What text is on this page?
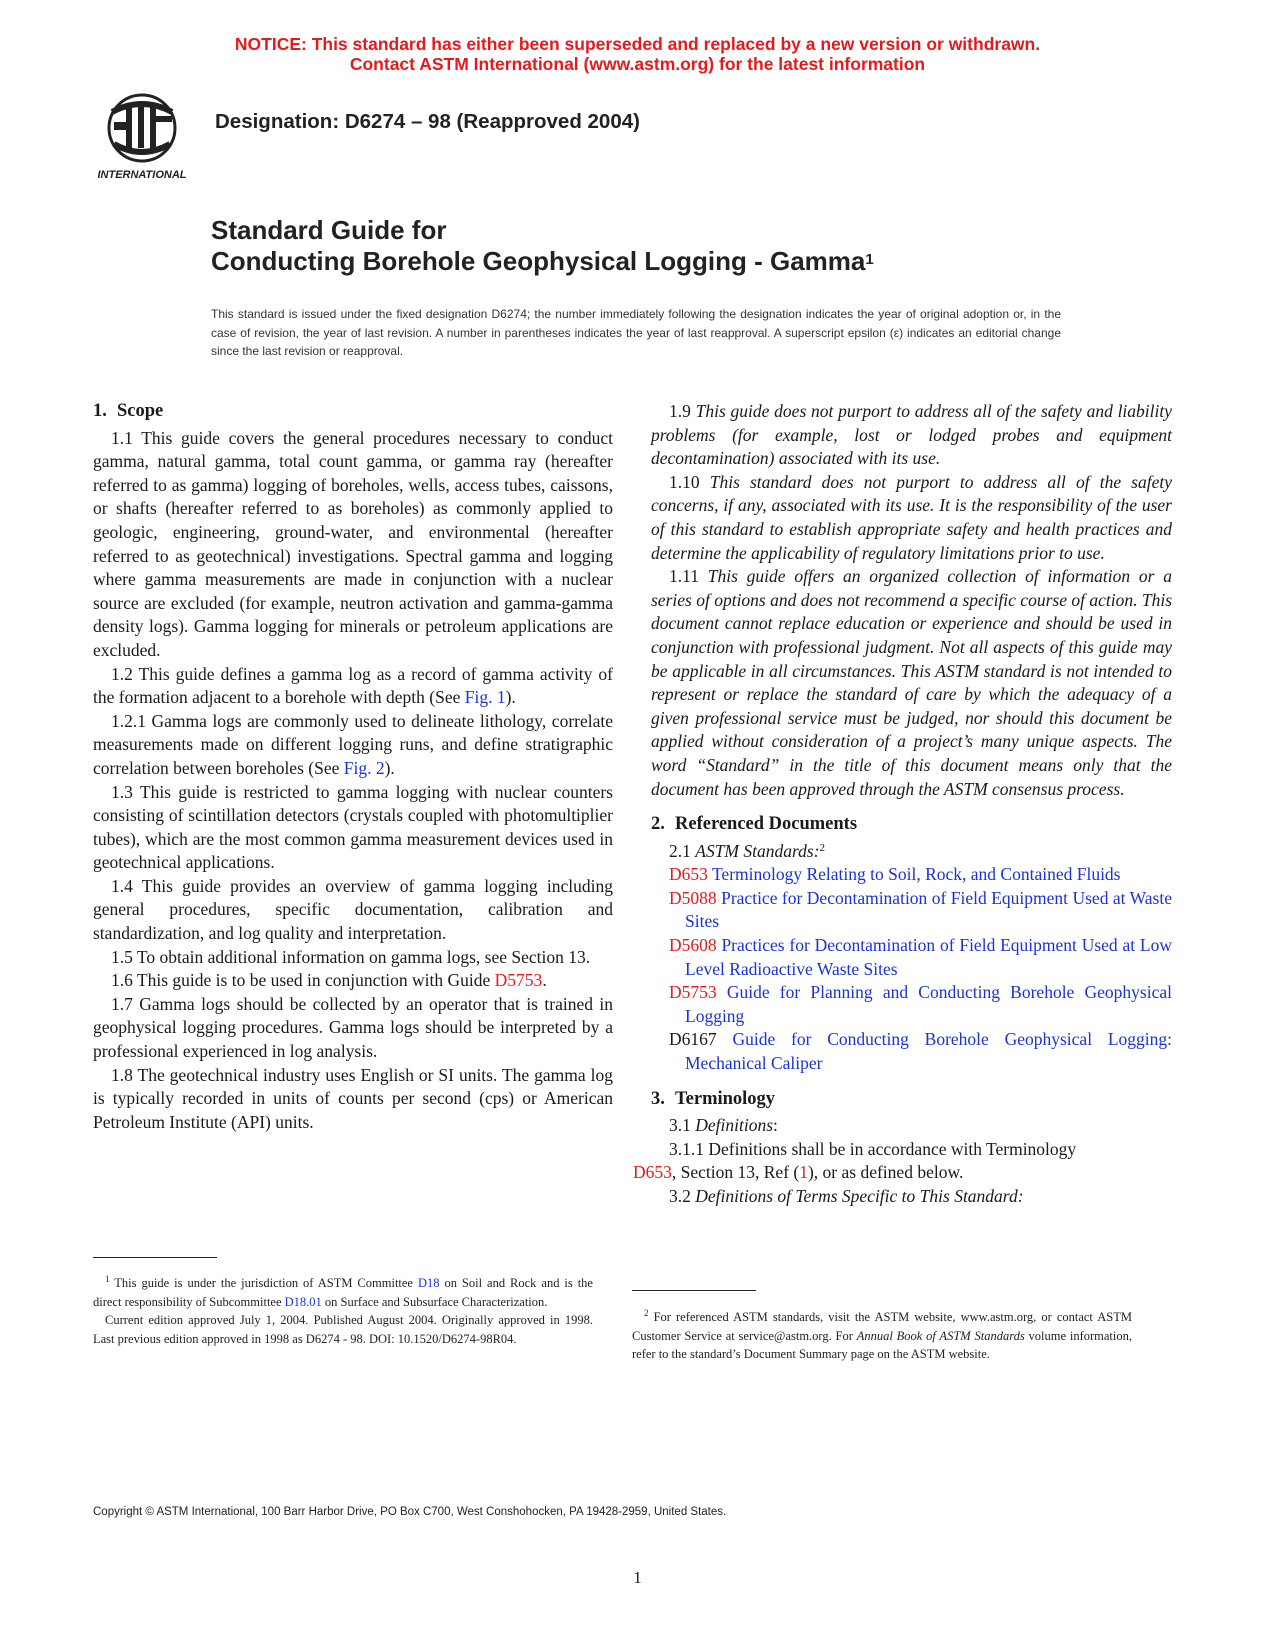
NOTICE: This standard has either been superseded and replaced by a new version or withdrawn.
Contact ASTM International (www.astm.org) for the latest information
INTERNATIONAL
Designation: D6274 – 98 (Reapproved 2004)
Standard Guide for
Conducting Borehole Geophysical Logging - Gamma$^1$
This standard is issued under the fixed designation D6274; the number immediately following the designation indicates the year of original adoption or, in the case of revision, the year of last revision. A number in parentheses indicates the year of last reapproval. A superscript epsilon (ε) indicates an editorial change since the last revision or reapproval.
1. Scope

1.1 This guide covers the general procedures necessary to conduct gamma, natural gamma, total count gamma, or gamma ray (hereafter referred to as gamma) logging of boreholes, wells, access tubes, caissons, or shafts (hereafter referred to as boreholes) as commonly applied to geologic, engineering, ground-water, and environmental (hereafter referred to as geotechnical) investigations. Spectral gamma and logging where gamma measurements are made in conjunction with a nuclear source are excluded (for example, neutron activation and gamma-gamma density logs). Gamma logging for minerals or petroleum applications are excluded.

1.2 This guide defines a gamma log as a record of gamma activity of the formation adjacent to a borehole with depth (See Fig. 1).

1.2.1 Gamma logs are commonly used to delineate lithology, correlate measurements made on different logging runs, and define stratigraphic correlation between boreholes (See Fig. 2).

1.3 This guide is restricted to gamma logging with nuclear counters consisting of scintillation detectors (crystals coupled with photomultiplier tubes), which are the most common gamma measurement devices used in geotechnical applications.

1.4 This guide provides an overview of gamma logging including general procedures, specific documentation, calibration and standardization, and log quality and interpretation.

1.5 To obtain additional information on gamma logs, see Section 13.

1.6 This guide is to be used in conjunction with Guide D5753.

1.7 Gamma logs should be collected by an operator that is trained in geophysical logging procedures. Gamma logs should be interpreted by a professional experienced in log analysis.

1.8 The geotechnical industry uses English or SI units. The gamma log is typically recorded in units of counts per second (cps) or American Petroleum Institute (API) units.

$^1$ This guide is under the jurisdiction of ASTM Committee D18 on Soil and Rock and is the direct responsibility of Subcommittee D18.01 on Surface and Subsurface Characterization.

Current edition approved July 1, 2004. Published August 2004. Originally approved in 1998. Last previous edition approved in 1998 as D6274 - 98. DOI: 10.1520/D6274-98R04.

1.9 This guide does not purport to address all of the safety and liability problems (for example, lost or lodged probes and equipment decontamination) associated with its use.

1.10 This standard does not purport to address all of the safety concerns, if any, associated with its use. It is the responsibility of the user of this standard to establish appropriate safety and health practices and determine the applicability of regulatory limitations prior to use.

1.11 This guide offers an organized collection of information or a series of options and does not recommend a specific course of action. This document cannot replace education or experience and should be used in conjunction with professional judgment. Not all aspects of this guide may be applicable in all circumstances. This ASTM standard is not intended to represent or replace the standard of care by which the adequacy of a given professional service must be judged, nor should this document be applied without consideration of a project’s many unique aspects. The word “Standard” in the title of this document means only that the document has been approved through the ASTM consensus process.

2. Referenced Documents

2.1 ASTM Standards:$^2$

D653 Terminology Relating to Soil, Rock, and Contained Fluids

D5088 Practice for Decontamination of Field Equipment Used at Waste Sites

D5608 Practices for Decontamination of Field Equipment Used at Low Level Radioactive Waste Sites

D5753 Guide for Planning and Conducting Borehole Geophysical Logging

D6167 Guide for Conducting Borehole Geophysical Logging: Mechanical Caliper

3. Terminology

3.1 Definitions:

3.1.1 Definitions shall be in accordance with Terminology
D653, Section 13, Ref (1), or as defined below.

3.2 Definitions of Terms Specific to This Standard:

$^2$ For referenced ASTM standards, visit the ASTM website, www.astm.org, or contact ASTM Customer Service at service@astm.org. For Annual Book of ASTM Standards volume information, refer to the standard’s Document Summary page on the ASTM website.

Copyright © ASTM International, 100 Barr Harbor Drive, PO Box C700, West Conshohocken, PA 19428-2959, United States.
1
